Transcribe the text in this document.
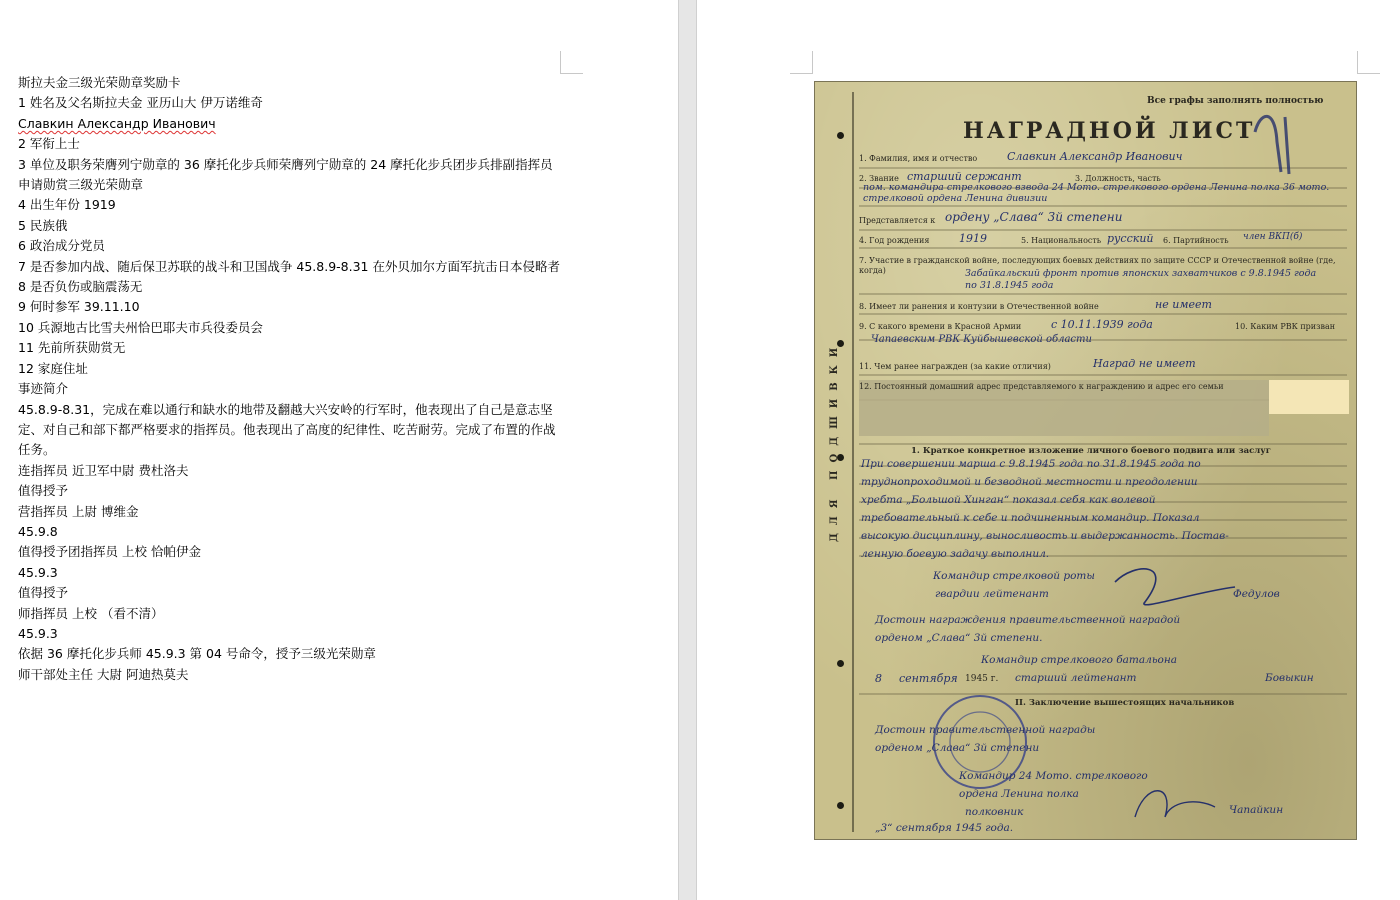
斯拉夫金三级光荣勋章奖励卡

1 姓名及父名斯拉夫金 亚历山大 伊万诺维奇

Славкин Александр Иванович

2 军衔上士

3 单位及职务荣膺列宁勋章的 36 摩托化步兵师荣膺列宁勋章的 24 摩托化步兵团步兵排副指挥员

申请勋赏三级光荣勋章

4 出生年份 1919

5 民族俄

6 政治成分党员

7 是否参加内战、随后保卫苏联的战斗和卫国战争 45.8.9-8.31 在外贝加尔方面军抗击日本侵略者

8 是否负伤或脑震荡无

9 何时参军 39.11.10

10 兵源地古比雪夫州恰巴耶夫市兵役委员会

11 先前所获勋赏无

12 家庭住址

事迹简介

45.8.9-8.31，完成在难以通行和缺水的地带及翻越大兴安岭的行军时，他表现出了自己是意志坚定、对自己和部下都严格要求的指挥员。他表现出了高度的纪律性、吃苦耐劳。完成了布置的作战任务。

连指挥员 近卫军中尉 费杜洛夫

值得授予

营指挥员 上尉 博维金

45.9.8

值得授予团指挥员 上校 恰帕伊金

45.9.3

值得授予

师指挥员 上校 （看不清）

45.9.3

依据 36 摩托化步兵师 45.9.3 第 04 号命令，授予三级光荣勋章

师干部处主任 大尉 阿迪热莫夫

ДЛЯ ПОДШИВКИ
Все графы заполнять полностью
НАГРАДНОЙ ЛИСТ
1. Фамилия, имя и отчество	Славкин Александр Иванович
2. Звание старший сержант	3. Должность, часть
пом. командира стрелкового взвода 24 Мото. стрелкового ордена Ленина полка 36 мото. стрелковой ордена Ленина дивизии
Представляется к ордену „Слава“ 3й степени
4. Год рождения	1919	5. Национальность русский 6. Партийность член ВКП(б)
7. Участие в гражданской войне, последующих боевых действиях по защите СССР и Отечественной войне (где, когда)	Забайкальский фронт против японских захватчиков с 9.8.1945 года по 31.8.1945 года
8. Имеет ли ранения и контузии в Отечественной войне	не имеет
9. С какого времени в Красной Армии	с 10.11.1939 года	10. Каким РВК призван
Чапаевским РВК Куйбышевской области
11. Чем ранее награжден (за какие отличия)	Наград не имеет
12. Постоянный домашний адрес представляемого к награждению и адрес его семьи
1. Краткое конкретное изложение личного боевого подвига или заслуг
При совершении марша с 9.8.1945 года по 31.8.1945 года по
труднопроходимой и безводной местности и преодолении
хребта „Большой Хинган“ показал себя как волевой
требовательный к себе и подчиненным командир. Показал
высокую дисциплину, выносливость и выдержанность. Постав-
ленную боевую задачу выполнил.
Командир стрелковой роты
гвардии лейтенант	Федулов
Достоин награждения правительственной наградой
орденом „Слава“ 3й степени.
Командир стрелкового батальона
8 сентября 1945 г. старший лейтенант	Бовыкин
II. Заключение вышестоящих начальников
Достоин правительственной награды
орденом „Слава“ 3й степени
Командир 24 Мото. стрелкового
ордена Ленина полка
полковник	Чапайкин
„3“ сентября 1945 года.
